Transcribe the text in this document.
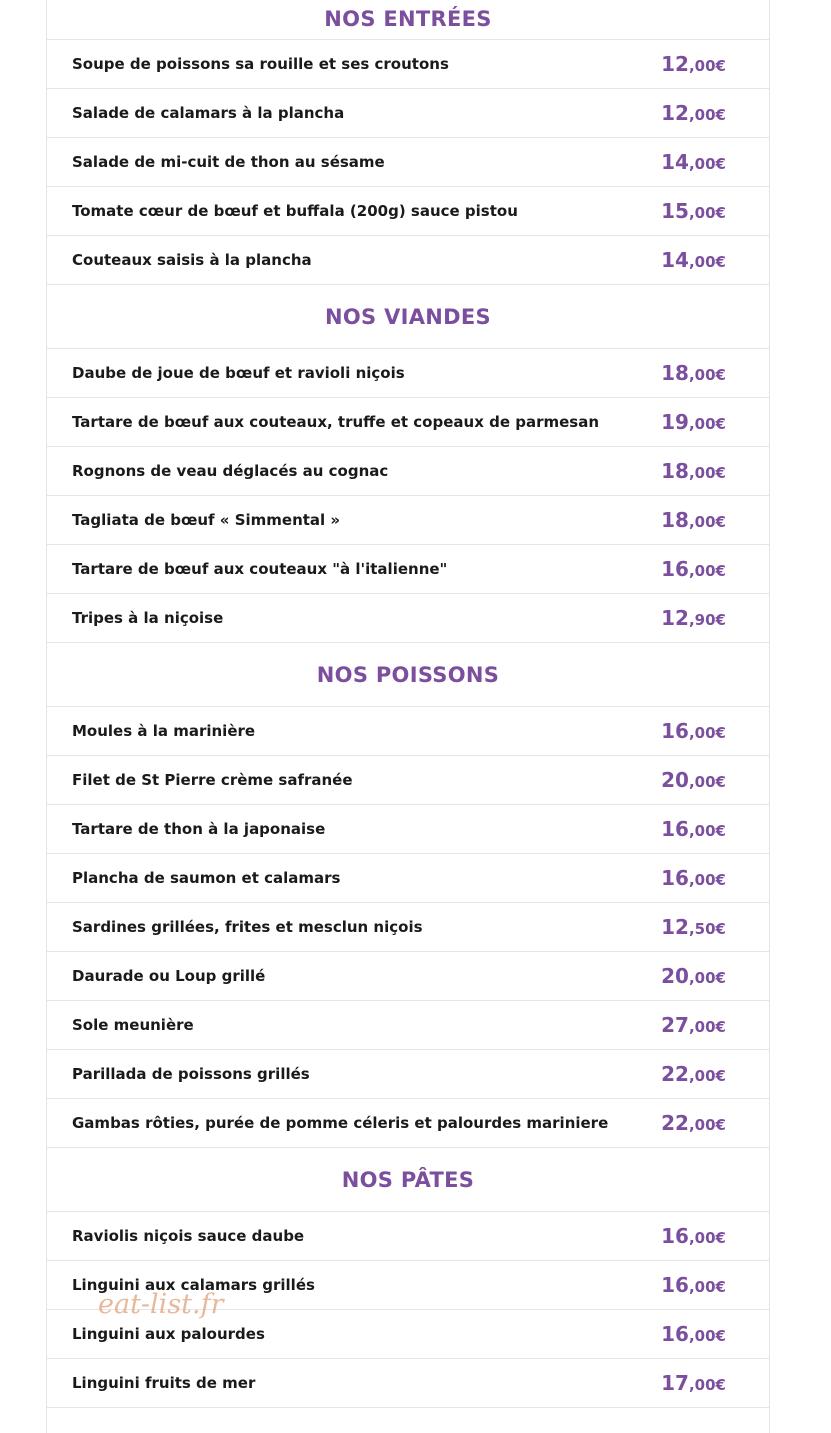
NOS ENTRÉES
Soupe de poissons sa rouille et ses croutons	12,00€
Salade de calamars à la plancha	12,00€
Salade de mi-cuit de thon au sésame	14,00€
Tomate cœur de bœuf et buffala (200g) sauce pistou	15,00€
Couteaux saisis à la plancha	14,00€
NOS VIANDES
Daube de joue de bœuf et ravioli niçois	18,00€
Tartare de bœuf aux couteaux, truffe et copeaux de parmesan	19,00€
Rognons de veau déglacés au cognac	18,00€
Tagliata de bœuf « Simmental »	18,00€
Tartare de bœuf aux couteaux "à l'italienne"	16,00€
Tripes à la niçoise	12,90€
NOS POISSONS
Moules à la marinière	16,00€
Filet de St Pierre crème safranée	20,00€
Tartare de thon à la japonaise	16,00€
Plancha de saumon et calamars	16,00€
Sardines grillées, frites et mesclun niçois	12,50€
Daurade ou Loup grillé	20,00€
Sole meunière	27,00€
Parillada de poissons grillés	22,00€
Gambas rôties, purée de pomme céleris et palourdes mariniere	22,00€
NOS PÂTES
Raviolis niçois sauce daube	16,00€
Linguini aux calamars grillés	16,00€
Linguini aux palourdes	16,00€
Linguini fruits de mer	17,00€
eat-list.fr
